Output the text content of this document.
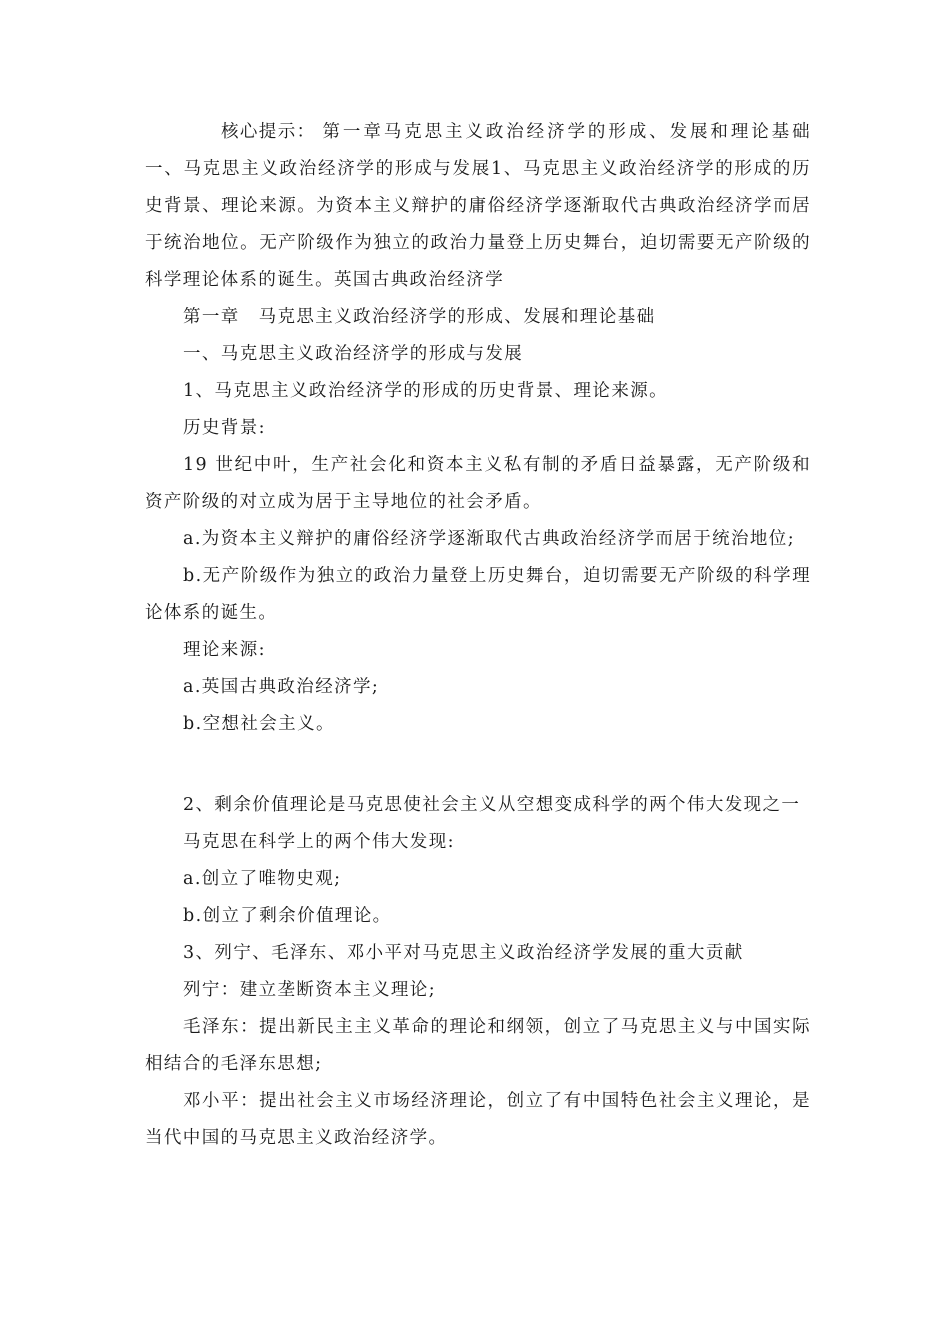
核心提示： 第一章马克思主义政治经济学的形成、发展和理论基础一、马克思主义政治经济学的形成与发展1、马克思主义政治经济学的形成的历史背景、理论来源。为资本主义辩护的庸俗经济学逐渐取代古典政治经济学而居于统治地位。无产阶级作为独立的政治力量登上历史舞台，迫切需要无产阶级的科学理论体系的诞生。英国古典政治经济学

第一章　马克思主义政治经济学的形成、发展和理论基础

一、马克思主义政治经济学的形成与发展

1、马克思主义政治经济学的形成的历史背景、理论来源。

历史背景:

19 世纪中叶，生产社会化和资本主义私有制的矛盾日益暴露，无产阶级和资产阶级的对立成为居于主导地位的社会矛盾。

a.为资本主义辩护的庸俗经济学逐渐取代古典政治经济学而居于统治地位;

b.无产阶级作为独立的政治力量登上历史舞台，迫切需要无产阶级的科学理论体系的诞生。

理论来源:

a.英国古典政治经济学;

b.空想社会主义。

2、剩余价值理论是马克思使社会主义从空想变成科学的两个伟大发现之一

马克思在科学上的两个伟大发现:

a.创立了唯物史观;

b.创立了剩余价值理论。

3、列宁、毛泽东、邓小平对马克思主义政治经济学发展的重大贡献

列宁：建立垄断资本主义理论;

毛泽东：提出新民主主义革命的理论和纲领，创立了马克思主义与中国实际相结合的毛泽东思想;

邓小平：提出社会主义市场经济理论，创立了有中国特色社会主义理论，是当代中国的马克思主义政治经济学。
